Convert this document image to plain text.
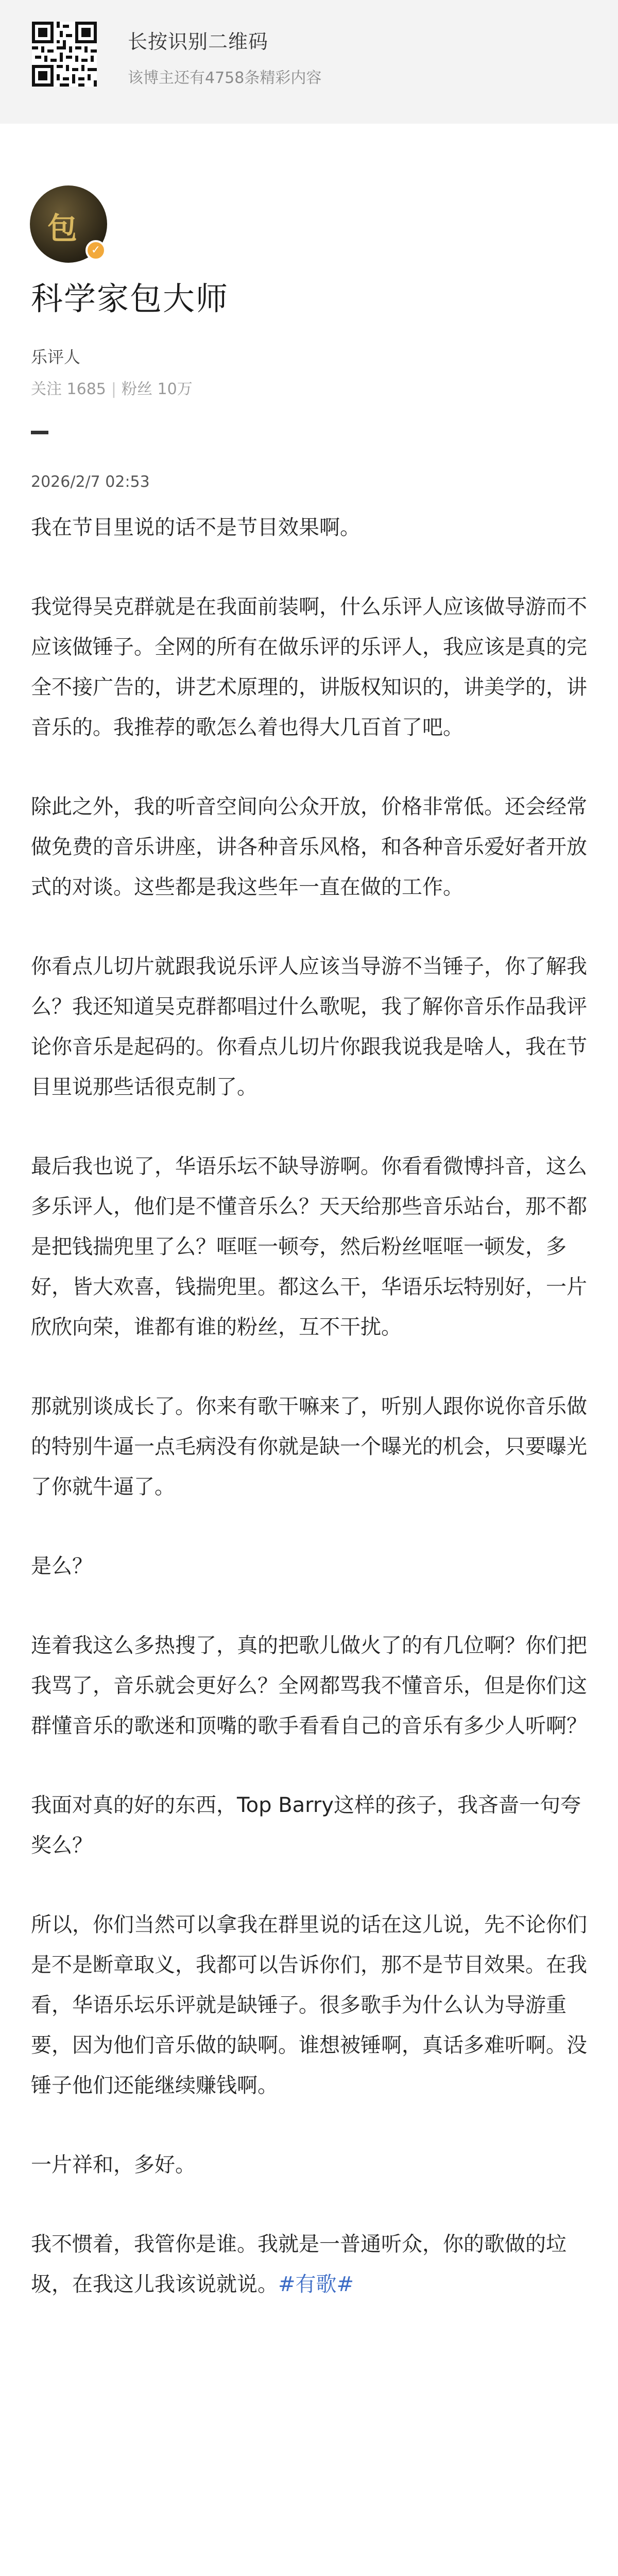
长按识别二维码
该博主还有4758条精彩内容
包
✓
科学家包大师
乐评人
关注 1685 | 粉丝 10万
2026/2/7 02:53

我在节目里说的话不是节目效果啊。

我觉得吴克群就是在我面前装啊，什么乐评人应该做导游而不应该做锤子。全网的所有在做乐评的乐评人，我应该是真的完全不接广告的，讲艺术原理的，讲版权知识的，讲美学的，讲音乐的。我推荐的歌怎么着也得大几百首了吧。

除此之外，我的听音空间向公众开放，价格非常低。还会经常做免费的音乐讲座，讲各种音乐风格，和各种音乐爱好者开放式的对谈。这些都是我这些年一直在做的工作。

你看点儿切片就跟我说乐评人应该当导游不当锤子，你了解我么？我还知道吴克群都唱过什么歌呢，我了解你音乐作品我评论你音乐是起码的。你看点儿切片你跟我说我是啥人，我在节目里说那些话很克制了。

最后我也说了，华语乐坛不缺导游啊。你看看微博抖音，这么多乐评人，他们是不懂音乐么？天天给那些音乐站台，那不都是把钱揣兜里了么？哐哐一顿夸，然后粉丝哐哐一顿发，多好，皆大欢喜，钱揣兜里。都这么干，华语乐坛特别好，一片欣欣向荣，谁都有谁的粉丝，互不干扰。

那就别谈成长了。你来有歌干嘛来了，听别人跟你说你音乐做的特别牛逼一点毛病没有你就是缺一个曝光的机会，只要曝光了你就牛逼了。

是么？

连着我这么多热搜了，真的把歌儿做火了的有几位啊？你们把我骂了，音乐就会更好么？全网都骂我不懂音乐，但是你们这群懂音乐的歌迷和顶嘴的歌手看看自己的音乐有多少人听啊？

我面对真的好的东西，Top Barry这样的孩子，我吝啬一句夸奖么？

所以，你们当然可以拿我在群里说的话在这儿说，先不论你们是不是断章取义，我都可以告诉你们，那不是节目效果。在我看，华语乐坛乐评就是缺锤子。很多歌手为什么认为导游重要，因为他们音乐做的缺啊。谁想被锤啊，真话多难听啊。没锤子他们还能继续赚钱啊。

一片祥和，多好。

我不惯着，我管你是谁。我就是一普通听众，你的歌做的垃圾，在我这儿我该说就说。#有歌#
